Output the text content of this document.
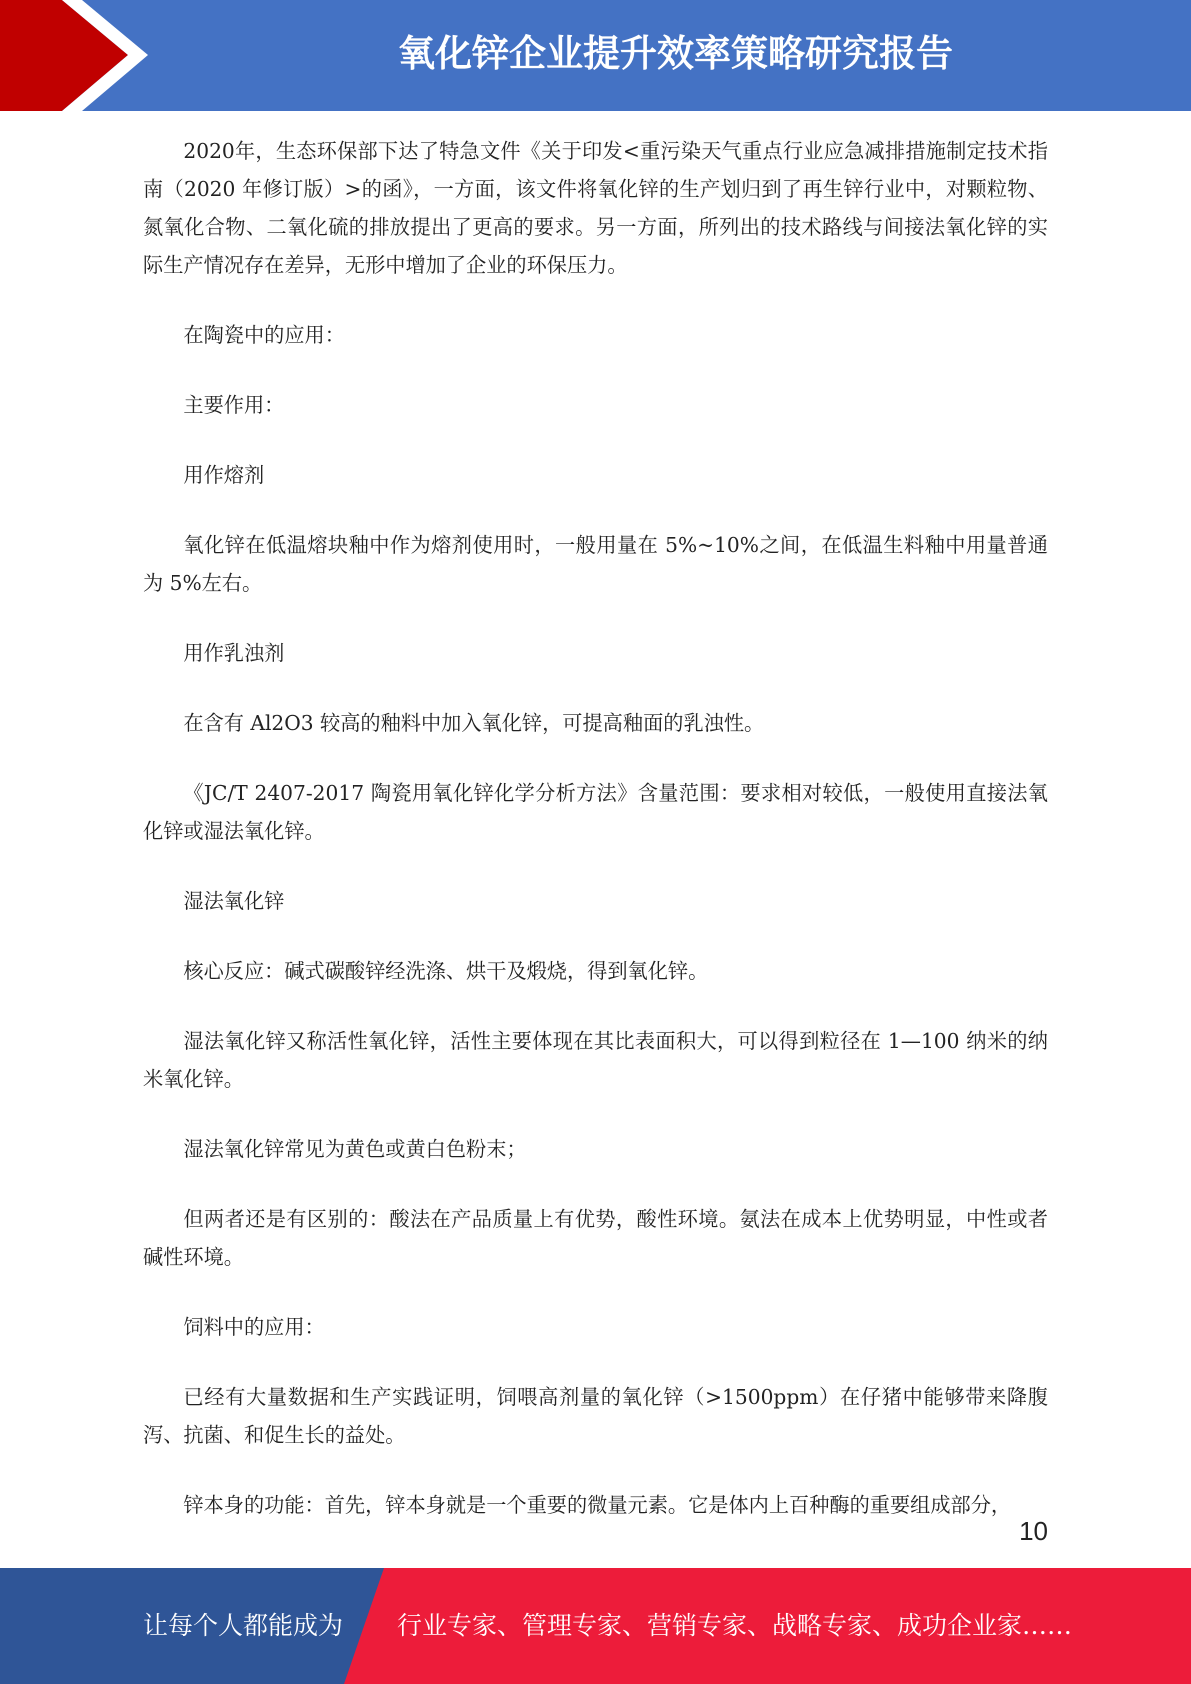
氧化锌企业提升效率策略研究报告

2020年，生态环保部下达了特急文件《关于印发<重污染天气重点行业应急减排措施制定技术指南（2020 年修订版）>的函》，一方面，该文件将氧化锌的生产划归到了再生锌行业中，对颗粒物、氮氧化合物、二氧化硫的排放提出了更高的要求。另一方面，所列出的技术路线与间接法氧化锌的实际生产情况存在差异，无形中增加了企业的环保压力。

在陶瓷中的应用：

主要作用：

用作熔剂

氧化锌在低温熔块釉中作为熔剂使用时，一般用量在 5%~10%之间，在低温生料釉中用量普通为 5%左右。

用作乳浊剂

在含有 Al2O3 较高的釉料中加入氧化锌，可提高釉面的乳浊性。

《JC/T 2407-2017 陶瓷用氧化锌化学分析方法》含量范围：要求相对较低，一般使用直接法氧化锌或湿法氧化锌。

湿法氧化锌

核心反应：碱式碳酸锌经洗涤、烘干及煅烧，得到氧化锌。

湿法氧化锌又称活性氧化锌，活性主要体现在其比表面积大，可以得到粒径在 1—100 纳米的纳米氧化锌。

湿法氧化锌常见为黄色或黄白色粉末；

但两者还是有区别的：酸法在产品质量上有优势，酸性环境。氨法在成本上优势明显，中性或者碱性环境。

饲料中的应用：

已经有大量数据和生产实践证明，饲喂高剂量的氧化锌（>1500ppm）在仔猪中能够带来降腹泻、抗菌、和促生长的益处。

锌本身的功能：首先，锌本身就是一个重要的微量元素。它是体内上百种酶的重要组成部分，

10
让每个人都能成为 行业专家、管理专家、营销专家、战略专家、成功企业家……
